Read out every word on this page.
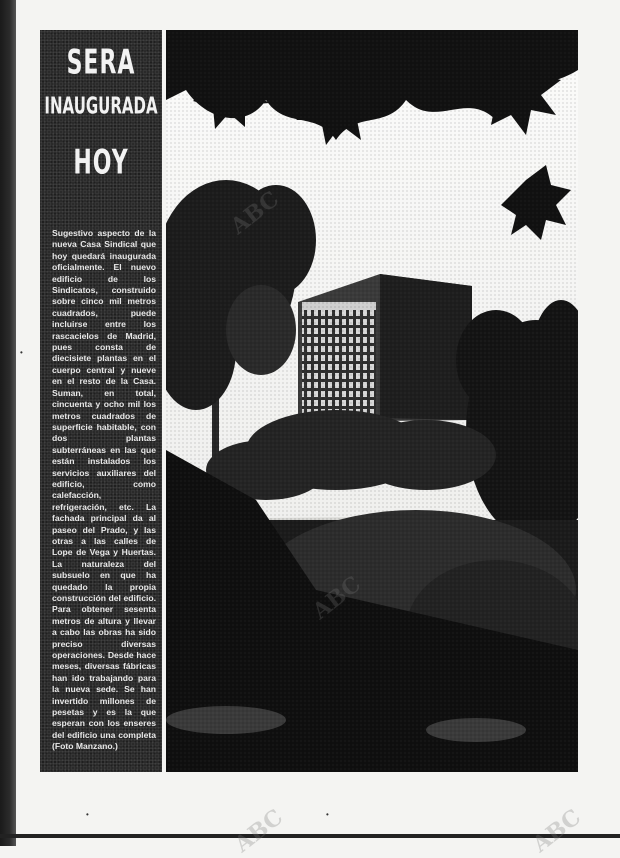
SERA
INAUGURADA
HOY
Sugestivo aspecto de la nueva Casa Sindical que hoy quedará inaugurada oficialmente. El nuevo edificio de los Sindicatos, construido sobre cinco mil metros cuadrados, puede incluirse entre los rascacielos de Madrid, pues consta de diecisiete plantas en el cuerpo central y nueve en el resto de la Casa. Suman, en total, cincuenta y ocho mil los metros cuadrados de superficie habitable, con dos plantas subterráneas en las que están instalados los servicios auxiliares del edificio, como calefacción, refrigeración, etc. La fachada principal da al paseo del Prado, y las otras a las calles de Lope de Vega y Huertas. La naturaleza del subsuelo en que ha quedado la propia construcción del edificio. Para obtener sesenta metros de altura y llevar a cabo las obras ha sido preciso diversas operaciones. Desde hace meses, diversas fábricas han ido trabajando para la nueva sede. Se han invertido millones de pesetas y es la que esperan con los enseres del edificio una completa (Foto Manzano.)
ABC
ABC
ABC	ABC
•
•	•
